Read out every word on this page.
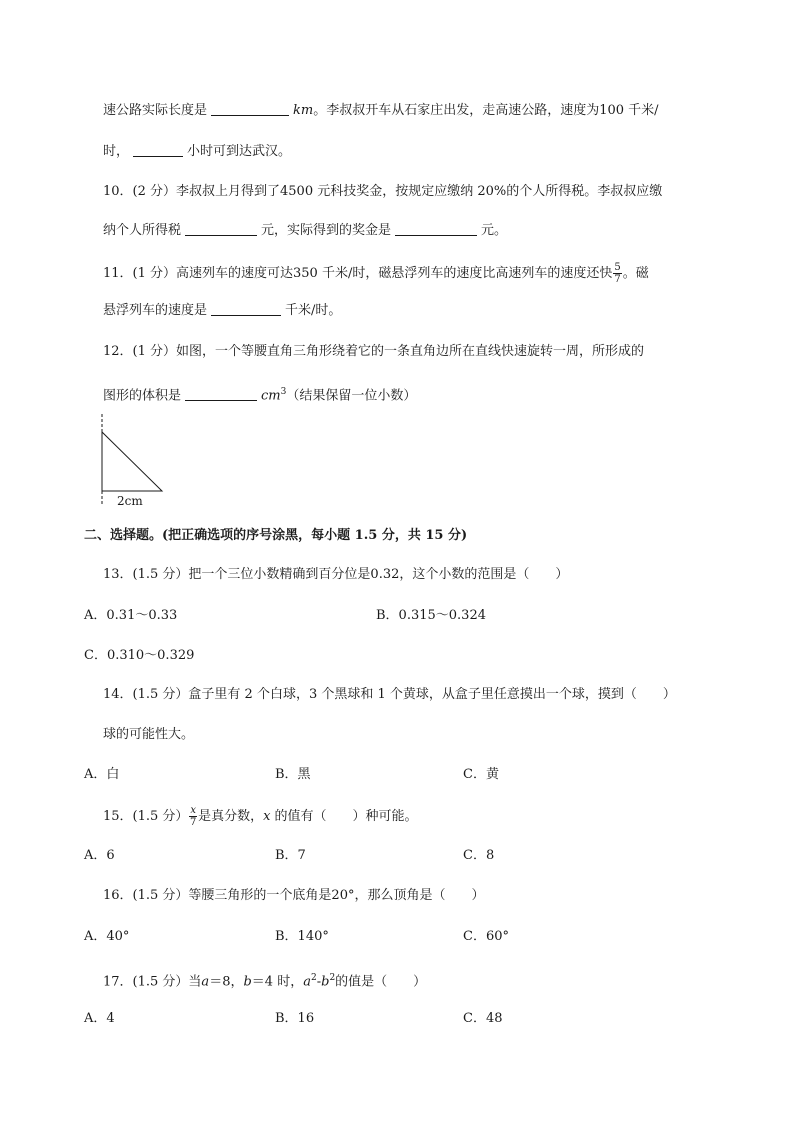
速公路实际长度是	km。李叔叔开车从石家庄出发，走高速公路，速度为100 千米/
时，	小时可到达武汉。
10．(2 分）李叔叔上月得到了4500 元科技奖金，按规定应缴纳 20%的个人所得税。李叔叔应缴
纳个人所得税	元，实际得到的奖金是	元。
11．(1 分）高速列车的速度可达350 千米/时，磁悬浮列车的速度比高速列车的速度还快 $\frac{5}{7}$ 。磁
悬浮列车的速度是	千米/时。
12．(1 分）如图，一个等腰直角三角形绕着它的一条直角边所在直线快速旋转一周，所形成的
图形的体积是	$cm^3$（结果保留一位小数）
2cm
二、选择题。(把正确选项的序号涂黑，每小题 1.5 分，共 15 分)
13．(1.5 分）把一个三位小数精确到百分位是0.32，这个小数的范围是（　　）
A．0.31～0.33	B．0.315～0.324
C．0.310～0.329
14．(1.5 分）盒子里有 2 个白球，3 个黑球和 1 个黄球，从盒子里任意摸出一个球，摸到（　　）
球的可能性大。
A．白	B．黑	C．黄
15．(1.5 分） $\frac{x}{7}$ 是真分数，x 的值有（　　）种可能。
A．6	B．7	C．8
16．(1.5 分）等腰三角形的一个底角是20°，那么顶角是（　　）
A．40°	B．140°	C．60°
17．(1.5 分）当a＝8，b＝4 时，$a^2-b^2$的值是（　　）
A．4	B．16	C．48
